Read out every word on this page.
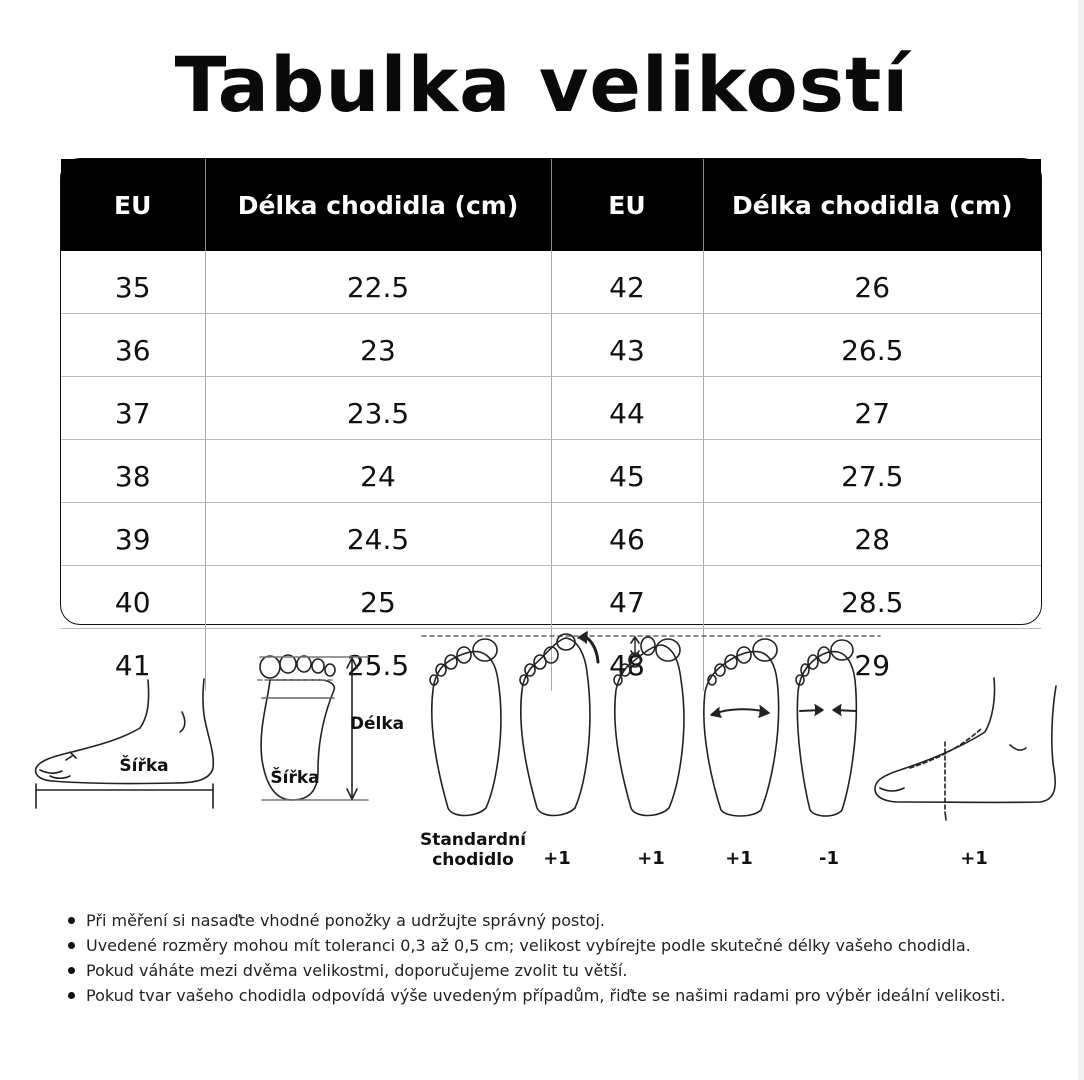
Tabulka velikostí
EU	Délka chodidla (cm)	EU	Délka chodidla (cm)
35	22.5	42	26
36	23	43	26.5
37	23.5	44	27
38	24	45	27.5
39	24.5	46	28
40	25	47	28.5
41	25.5	48	29
Šířka
Šířka
Délka
Standardní
chodidlo +1	+1	+1	-1	+1
Při měření si nasaďte vhodné ponožky a udržujte správný postoj.
Uvedené rozměry mohou mít toleranci 0,3 až 0,5 cm; velikost vybírejte podle skutečné délky vašeho chodidla.
Pokud váháte mezi dvěma velikostmi, doporučujeme zvolit tu větší.
Pokud tvar vašeho chodidla odpovídá výše uvedeným případům, řiďte se našimi radami pro výběr ideální velikosti.
